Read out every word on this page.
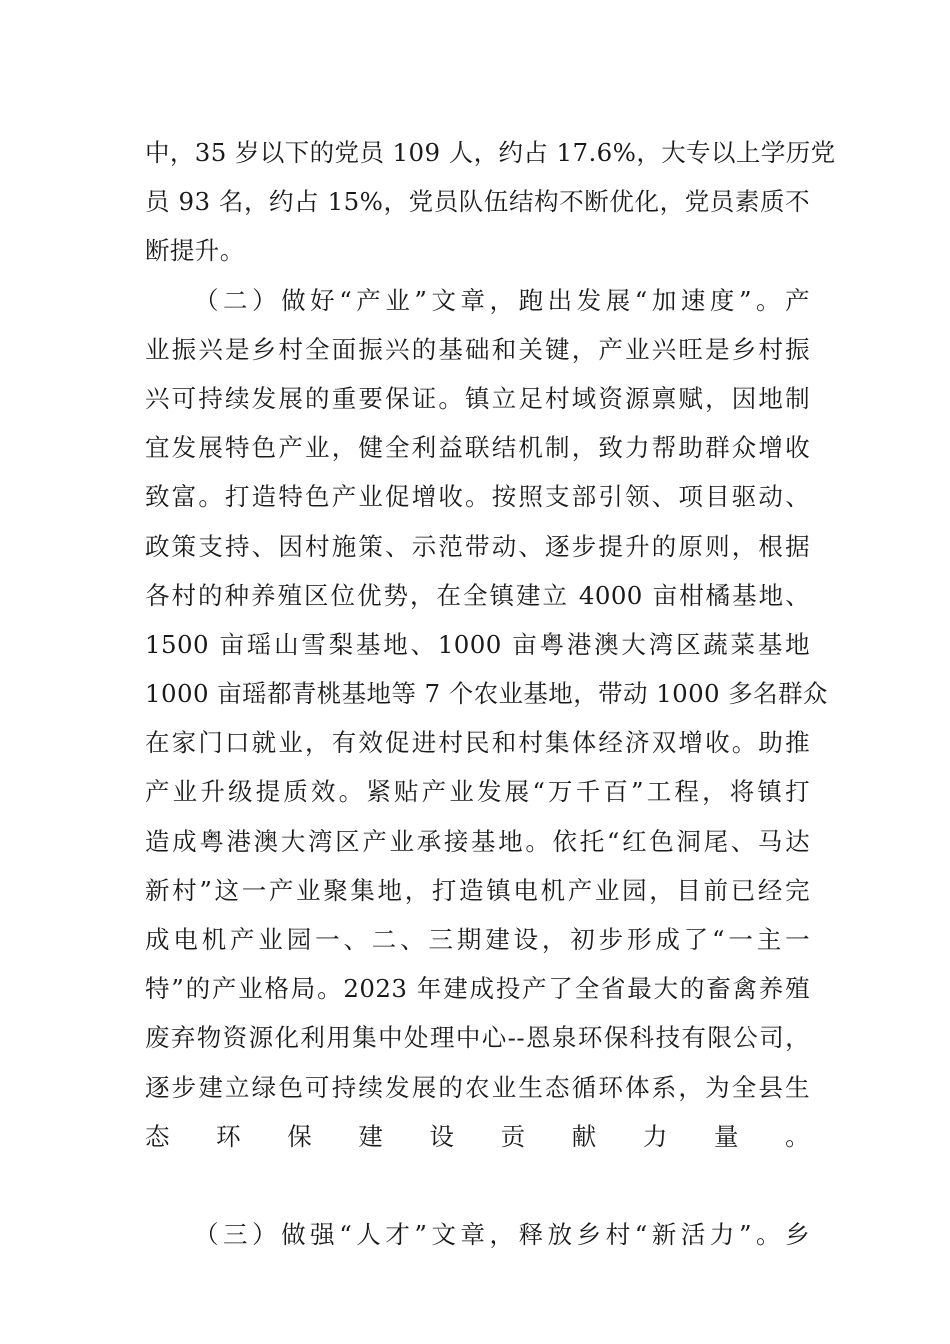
中，35 岁以下的党员 109 人，约占 17.6%，大专以上学历党
员 93 名，约占 15%，党员队伍结构不断优化，党员素质不
断提升。
（二）做好“产业”文章，跑出发展“加速度”。产
业振兴是乡村全面振兴的基础和关键，产业兴旺是乡村振
兴可持续发展的重要保证。镇立足村域资源禀赋，因地制
宜发展特色产业，健全利益联结机制，致力帮助群众增收
致富。打造特色产业促增收。按照支部引领、项目驱动、
政策支持、因村施策、示范带动、逐步提升的原则，根据
各村的种养殖区位优势，在全镇建立 4000 亩柑橘基地、
1500 亩瑶山雪梨基地、1000 亩粤港澳大湾区蔬菜基地
1000 亩瑶都青桃基地等 7 个农业基地，带动 1000 多名群众
在家门口就业，有效促进村民和村集体经济双增收。助推
产业升级提质效。紧贴产业发展“万千百”工程，将镇打
造成粤港澳大湾区产业承接基地。依托“红色洞尾、马达
新村”这一产业聚集地，打造镇电机产业园，目前已经完
成电机产业园一、二、三期建设，初步形成了“一主一
特”的产业格局。2023 年建成投产了全省最大的畜禽养殖
废弃物资源化利用集中处理中心--恩泉环保科技有限公司，
逐步建立绿色可持续发展的农业生态循环体系，为全县生
态环保建设贡献力量。
（三）做强“人才”文章，释放乡村“新活力”。乡
